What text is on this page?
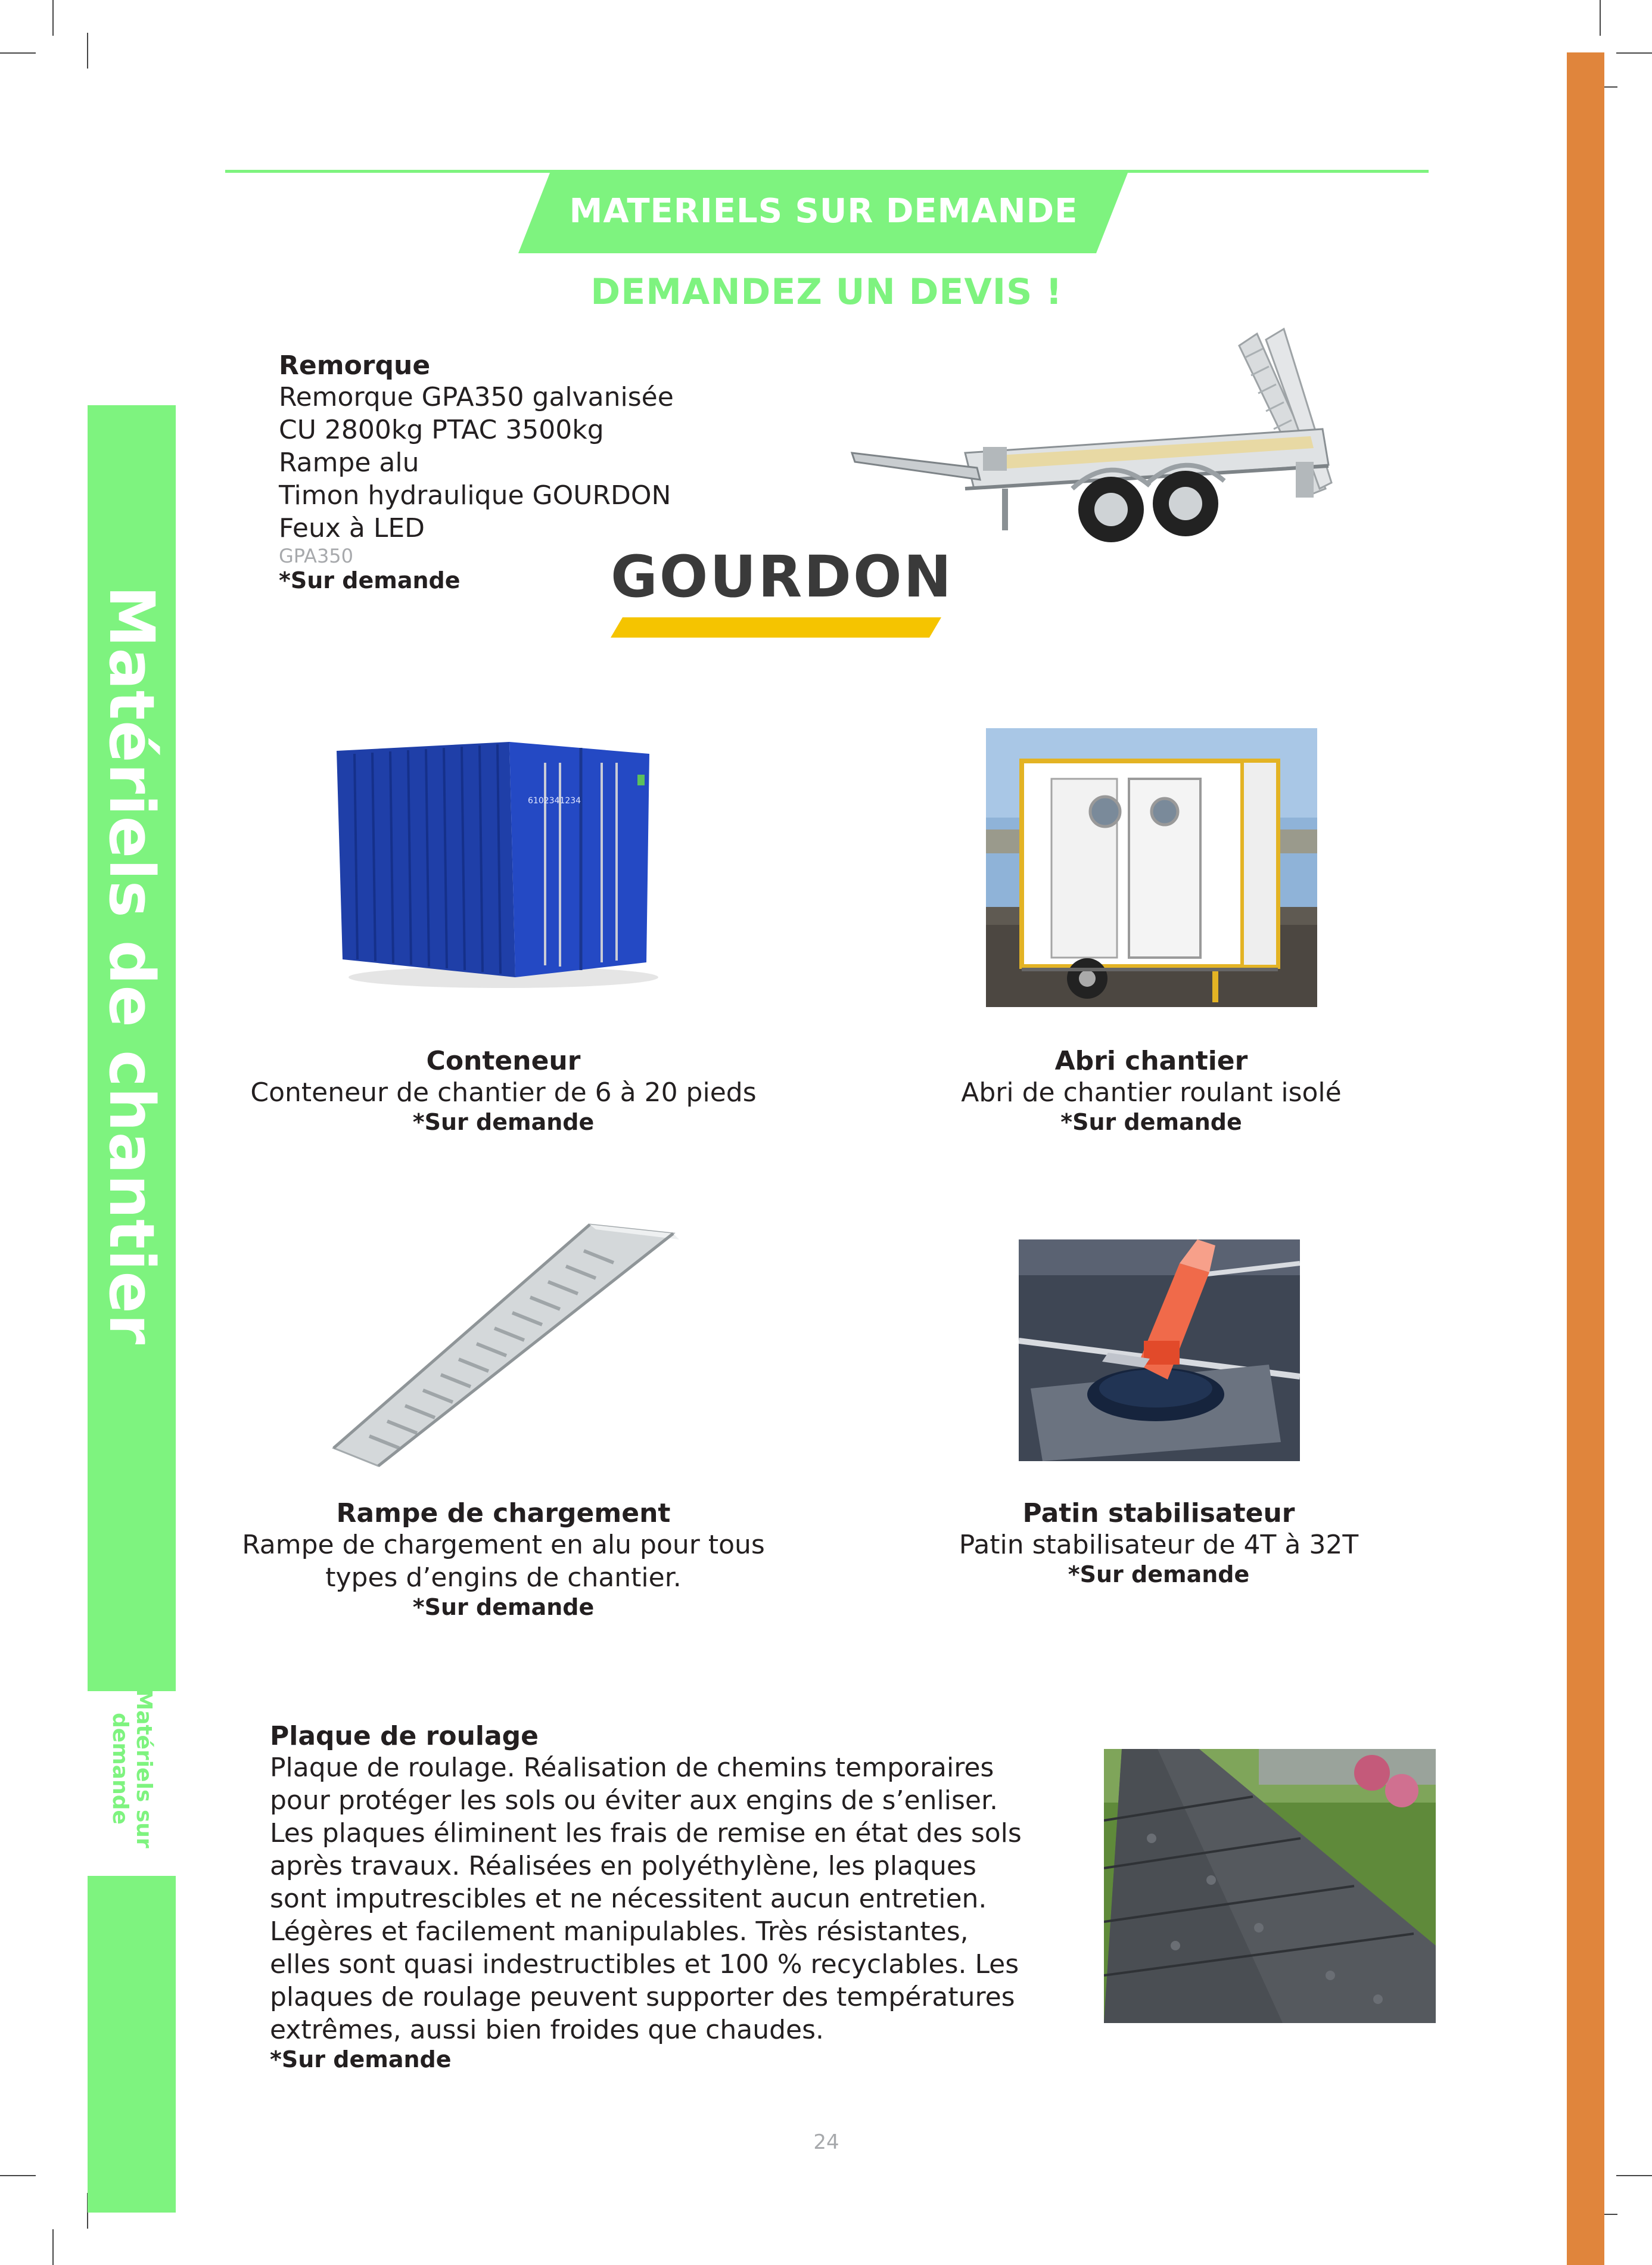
Matériels de chantier
Matériels sur
demande
MATERIELS SUR DEMANDE
DEMANDEZ UN DEVIS !
Remorque
Remorque GPA350 galvanisée
CU 2800kg PTAC 3500kg
Rampe alu
Timon hydraulique GOURDON
Feux à LED
GPA350
*Sur demande	GOURDON
6102341234
Conteneur
Conteneur de chantier de 6 à 20 pieds
*Sur demande
Abri chantier
Abri de chantier roulant isolé
*Sur demande
Rampe de chargement
Rampe de chargement en alu pour tous
types d’engins de chantier.
*Sur demande
Patin stabilisateur
Patin stabilisateur de 4T à 32T
*Sur demande
Plaque de roulage
Plaque de roulage. Réalisation de chemins temporaires
pour protéger les sols ou éviter aux engins de s’enliser.
Les plaques éliminent les frais de remise en état des sols
après travaux. Réalisées en polyéthylène, les plaques
sont imputrescibles et ne nécessitent aucun entretien.
Légères et facilement manipulables. Très résistantes,
elles sont quasi indestructibles et 100 % recyclables. Les
plaques de roulage peuvent supporter des températures
extrêmes, aussi bien froides que chaudes.
*Sur demande
24
